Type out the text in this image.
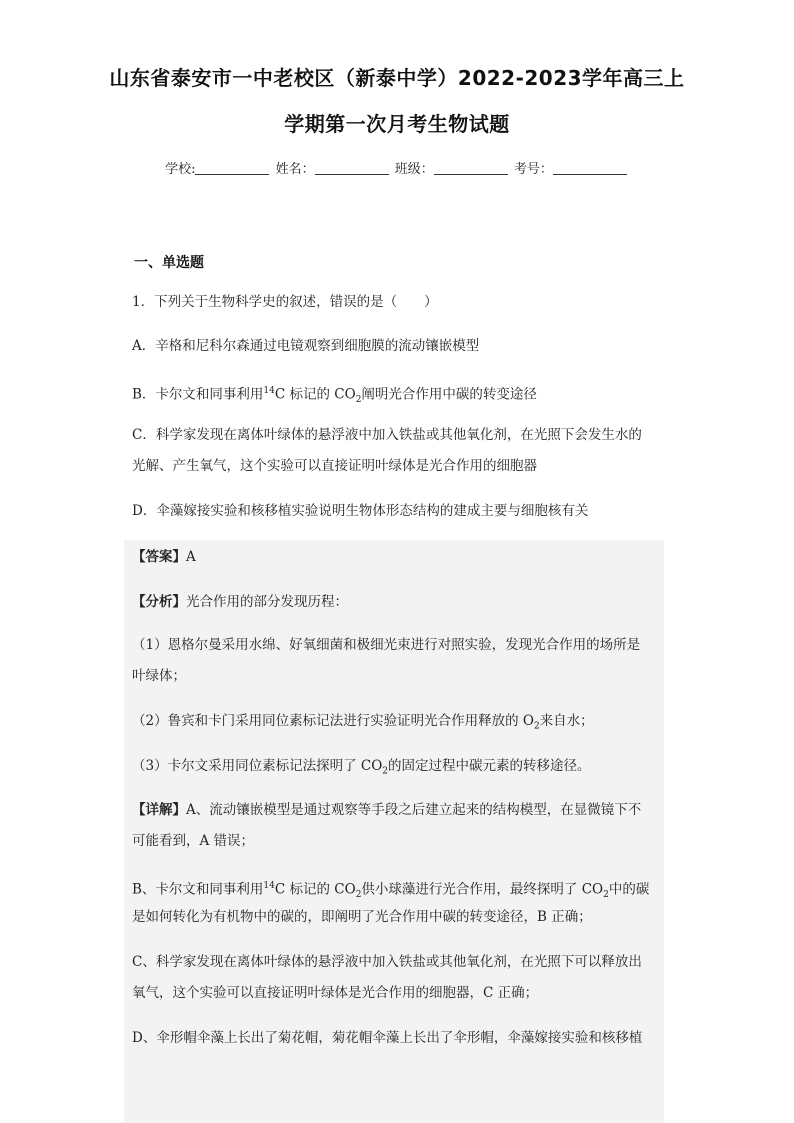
山东省泰安市一中老校区（新泰中学）2022-2023学年高三上
学期第一次月考生物试题
学校:	姓名：	班级：	考号：
一、单选题
1．下列关于生物科学史的叙述，错误的是（　　）
A．辛格和尼科尔森通过电镜观察到细胞膜的流动镶嵌模型
B．卡尔文和同事利用$^{14}$C 标记的 $CO_2$阐明光合作用中碳的转变途径
C．科学家发现在离体叶绿体的悬浮液中加入铁盐或其他氧化剂，在光照下会发生水的
光解、产生氧气，这个实验可以直接证明叶绿体是光合作用的细胞器
D．伞藻嫁接实验和核移植实验说明生物体形态结构的建成主要与细胞核有关
【答案】A
【分析】光合作用的部分发现历程：
（1）恩格尔曼采用水绵、好氧细菌和极细光束进行对照实验，发现光合作用的场所是
叶绿体；
（2）鲁宾和卡门采用同位素标记法进行实验证明光合作用释放的 $O_2$来自水；
（3）卡尔文采用同位素标记法探明了 $CO_2$的固定过程中碳元素的转移途径。
【详解】A、流动镶嵌模型是通过观察等手段之后建立起来的结构模型，在显微镜下不
可能看到，A 错误；
B、卡尔文和同事利用$^{14}$C 标记的 $CO_2$供小球藻进行光合作用，最终探明了 $CO_2$中的碳
是如何转化为有机物中的碳的，即阐明了光合作用中碳的转变途径，B 正确；
C、科学家发现在离体叶绿体的悬浮液中加入铁盐或其他氧化剂，在光照下可以释放出
氧气，这个实验可以直接证明叶绿体是光合作用的细胞器，C 正确；
D、伞形帽伞藻上长出了菊花帽，菊花帽伞藻上长出了伞形帽，伞藻嫁接实验和核移植
